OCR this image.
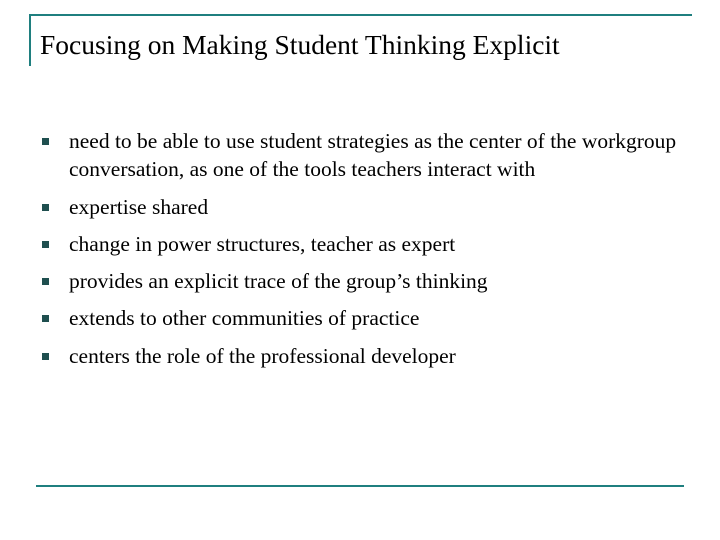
Focusing on Making Student Thinking Explicit
need to be able to use student strategies as the center of the workgroup conversation, as one of the tools teachers interact with
expertise shared
change in power structures, teacher as expert
provides an explicit trace of the group’s thinking
extends to other communities of practice
centers the role of the professional developer
